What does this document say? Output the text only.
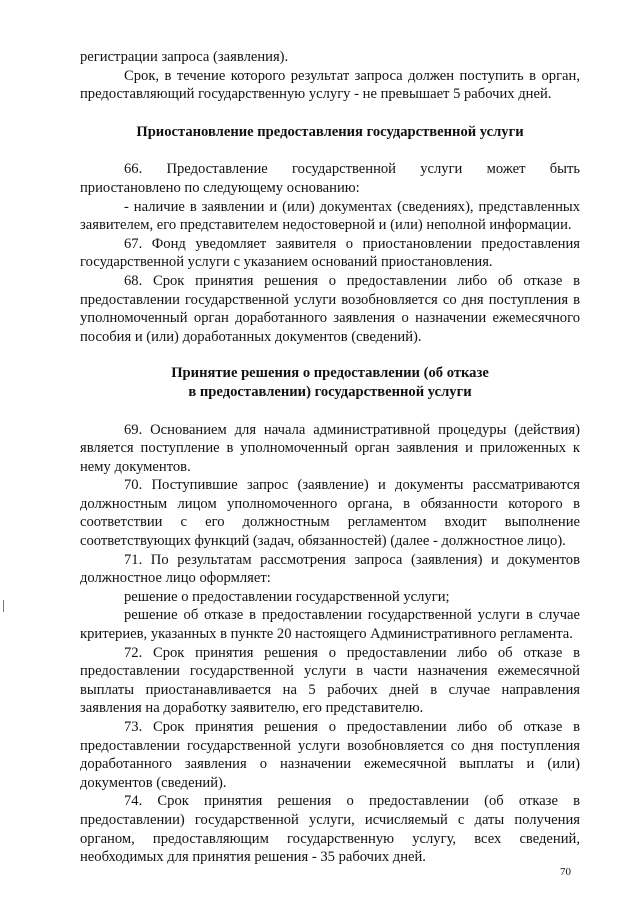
регистрации запроса (заявления).

Срок, в течение которого результат запроса должен поступить в орган, предоставляющий государственную услугу - не превышает 5 рабочих дней.

Приостановление предоставления государственной услуги

66. Предоставление государственной услуги может быть приостановлено по следующему основанию:

- наличие в заявлении и (или) документах (сведениях), представленных заявителем, его представителем недостоверной и (или) неполной информации.

67. Фонд уведомляет заявителя о приостановлении предоставления государственной услуги с указанием оснований приостановления.

68. Срок принятия решения о предоставлении либо об отказе в предоставлении государственной услуги возобновляется со дня поступления в уполномоченный орган доработанного заявления о назначении ежемесячного пособия и (или) доработанных документов (сведений).

Принятие решения о предоставлении (об отказе
в предоставлении) государственной услуги

69. Основанием для начала административной процедуры (действия) является поступление в уполномоченный орган заявления и приложенных к нему документов.

70. Поступившие запрос (заявление) и документы рассматриваются должностным лицом уполномоченного органа, в обязанности которого в соответствии с его должностным регламентом входит выполнение соответствующих функций (задач, обязанностей) (далее - должностное лицо).

71. По результатам рассмотрения запроса (заявления) и документов должностное лицо оформляет:

решение о предоставлении государственной услуги;

решение об отказе в предоставлении государственной услуги в случае критериев, указанных в пункте 20 настоящего Административного регламента.

72. Срок принятия решения о предоставлении либо об отказе в предоставлении государственной услуги в части назначения ежемесячной выплаты приостанавливается на 5 рабочих дней в случае направления заявления на доработку заявителю, его представителю.

73. Срок принятия решения о предоставлении либо об отказе в предоставлении государственной услуги возобновляется со дня поступления доработанного заявления о назначении ежемесячной выплаты и (или) документов (сведений).

74. Срок принятия решения о предоставлении (об отказе в предоставлении) государственной услуги, исчисляемый с даты получения органом, предоставляющим государственную услугу, всех сведений, необходимых для принятия решения - 35 рабочих дней.

70
